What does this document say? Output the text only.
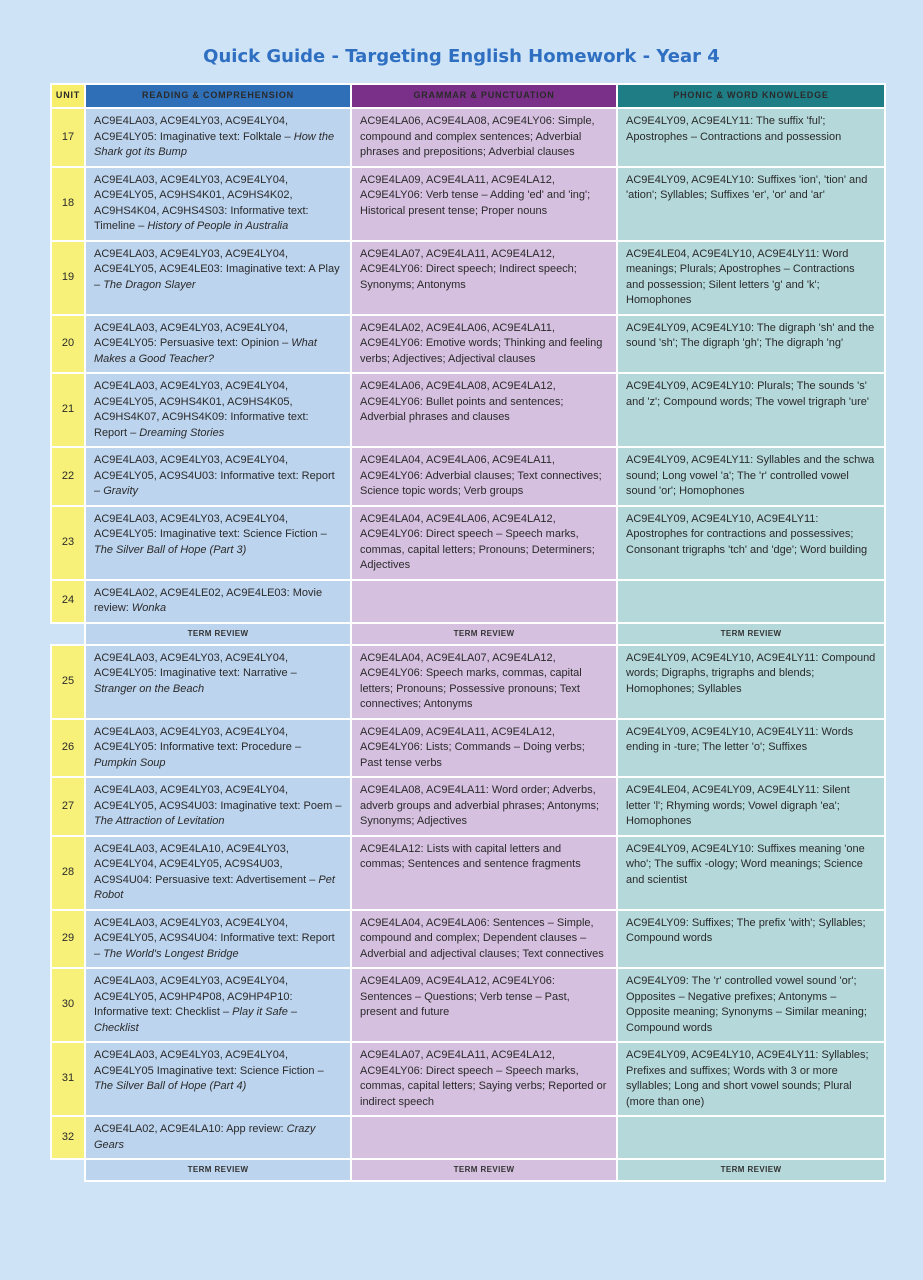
Quick Guide - Targeting English Homework - Year 4
UNIT	READING & COMPREHENSION	GRAMMAR & PUNCTUATION	PHONIC & WORD KNOWLEDGE
17	AC9E4LA03, AC9E4LY03, AC9E4LY04, AC9E4LY05: Imaginative text: Folktale – How the Shark got its Bump	AC9E4LA06, AC9E4LA08, AC9E4LY06: Simple, compound and complex sentences; Adverbial phrases and prepositions; Adverbial clauses	AC9E4LY09, AC9E4LY11: The suffix 'ful'; Apostrophes – Contractions and possession
18	AC9E4LA03, AC9E4LY03, AC9E4LY04, AC9E4LY05, AC9HS4K01, AC9HS4K02, AC9HS4K04, AC9HS4S03: Informative text: Timeline – History of People in Australia	AC9E4LA09, AC9E4LA11, AC9E4LA12, AC9E4LY06: Verb tense – Adding 'ed' and 'ing'; Historical present tense; Proper nouns	AC9E4LY09, AC9E4LY10: Suffixes 'ion', 'tion' and 'ation'; Syllables; Suffixes 'er', 'or' and 'ar'
19	AC9E4LA03, AC9E4LY03, AC9E4LY04, AC9E4LY05, AC9E4LE03: Imaginative text: A Play – The Dragon Slayer	AC9E4LA07, AC9E4LA11, AC9E4LA12, AC9E4LY06: Direct speech; Indirect speech; Synonyms; Antonyms	AC9E4LE04, AC9E4LY10, AC9E4LY11: Word meanings; Plurals; Apostrophes – Contractions and possession; Silent letters 'g' and 'k'; Homophones
20	AC9E4LA03, AC9E4LY03, AC9E4LY04, AC9E4LY05: Persuasive text: Opinion – What Makes a Good Teacher?	AC9E4LA02, AC9E4LA06, AC9E4LA11, AC9E4LY06: Emotive words; Thinking and feeling verbs; Adjectives; Adjectival clauses	AC9E4LY09, AC9E4LY10: The digraph 'sh' and the sound 'sh'; The digraph 'gh'; The digraph 'ng'
21	AC9E4LA03, AC9E4LY03, AC9E4LY04, AC9E4LY05, AC9HS4K01, AC9HS4K05, AC9HS4K07, AC9HS4K09: Informative text: Report – Dreaming Stories	AC9E4LA06, AC9E4LA08, AC9E4LA12, AC9E4LY06: Bullet points and sentences; Adverbial phrases and clauses	AC9E4LY09, AC9E4LY10: Plurals; The sounds 's' and 'z'; Compound words; The vowel trigraph 'ure'
22	AC9E4LA03, AC9E4LY03, AC9E4LY04, AC9E4LY05, AC9S4U03: Informative text: Report – Gravity	AC9E4LA04, AC9E4LA06, AC9E4LA11, AC9E4LY06: Adverbial clauses; Text connectives; Science topic words; Verb groups	AC9E4LY09, AC9E4LY11: Syllables and the schwa sound; Long vowel 'a'; The 'r' controlled vowel sound 'or'; Homophones
23	AC9E4LA03, AC9E4LY03, AC9E4LY04, AC9E4LY05: Imaginative text: Science Fiction – The Silver Ball of Hope (Part 3)	AC9E4LA04, AC9E4LA06, AC9E4LA12, AC9E4LY06: Direct speech – Speech marks, commas, capital letters; Pronouns; Determiners; Adjectives	AC9E4LY09, AC9E4LY10, AC9E4LY11: Apostrophes for contractions and possessives; Consonant trigraphs 'tch' and 'dge'; Word building
24	AC9E4LA02, AC9E4LE02, AC9E4LE03: Movie review: Wonka		
	TERM REVIEW	TERM REVIEW	TERM REVIEW
25	AC9E4LA03, AC9E4LY03, AC9E4LY04, AC9E4LY05: Imaginative text: Narrative – Stranger on the Beach	AC9E4LA04, AC9E4LA07, AC9E4LA12, AC9E4LY06: Speech marks, commas, capital letters; Pronouns; Possessive pronouns; Text connectives; Antonyms	AC9E4LY09, AC9E4LY10, AC9E4LY11: Compound words; Digraphs, trigraphs and blends; Homophones; Syllables
26	AC9E4LA03, AC9E4LY03, AC9E4LY04, AC9E4LY05: Informative text: Procedure – Pumpkin Soup	AC9E4LA09, AC9E4LA11, AC9E4LA12, AC9E4LY06: Lists; Commands – Doing verbs; Past tense verbs	AC9E4LY09, AC9E4LY10, AC9E4LY11: Words ending in -ture; The letter 'o'; Suffixes
27	AC9E4LA03, AC9E4LY03, AC9E4LY04, AC9E4LY05, AC9S4U03: Imaginative text: Poem – The Attraction of Levitation	AC9E4LA08, AC9E4LA11: Word order; Adverbs, adverb groups and adverbial phrases; Antonyms; Synonyms; Adjectives	AC9E4LE04, AC9E4LY09, AC9E4LY11: Silent letter 'l'; Rhyming words; Vowel digraph 'ea'; Homophones
28	AC9E4LA03, AC9E4LA10, AC9E4LY03, AC9E4LY04, AC9E4LY05, AC9S4U03, AC9S4U04: Persuasive text: Advertisement – Pet Robot	AC9E4LA12: Lists with capital letters and commas; Sentences and sentence fragments	AC9E4LY09, AC9E4LY10: Suffixes meaning 'one who'; The suffix -ology; Word meanings; Science and scientist
29	AC9E4LA03, AC9E4LY03, AC9E4LY04, AC9E4LY05, AC9S4U04: Informative text: Report – The World's Longest Bridge	AC9E4LA04, AC9E4LA06: Sentences – Simple, compound and complex; Dependent clauses – Adverbial and adjectival clauses; Text connectives	AC9E4LY09: Suffixes; The prefix 'with'; Syllables; Compound words
30	AC9E4LA03, AC9E4LY03, AC9E4LY04, AC9E4LY05, AC9HP4P08, AC9HP4P10: Informative text: Checklist – Play it Safe – Checklist	AC9E4LA09, AC9E4LA12, AC9E4LY06: Sentences – Questions; Verb tense – Past, present and future	AC9E4LY09: The 'r' controlled vowel sound 'or'; Opposites – Negative prefixes; Antonyms – Opposite meaning; Synonyms – Similar meaning; Compound words
31	AC9E4LA03, AC9E4LY03, AC9E4LY04, AC9E4LY05 Imaginative text: Science Fiction – The Silver Ball of Hope (Part 4)	AC9E4LA07, AC9E4LA11, AC9E4LA12, AC9E4LY06: Direct speech – Speech marks, commas, capital letters; Saying verbs; Reported or indirect speech	AC9E4LY09, AC9E4LY10, AC9E4LY11: Syllables; Prefixes and suffixes; Words with 3 or more syllables; Long and short vowel sounds; Plural (more than one)
32	AC9E4LA02, AC9E4LA10: App review: Crazy Gears		
	TERM REVIEW	TERM REVIEW	TERM REVIEW
